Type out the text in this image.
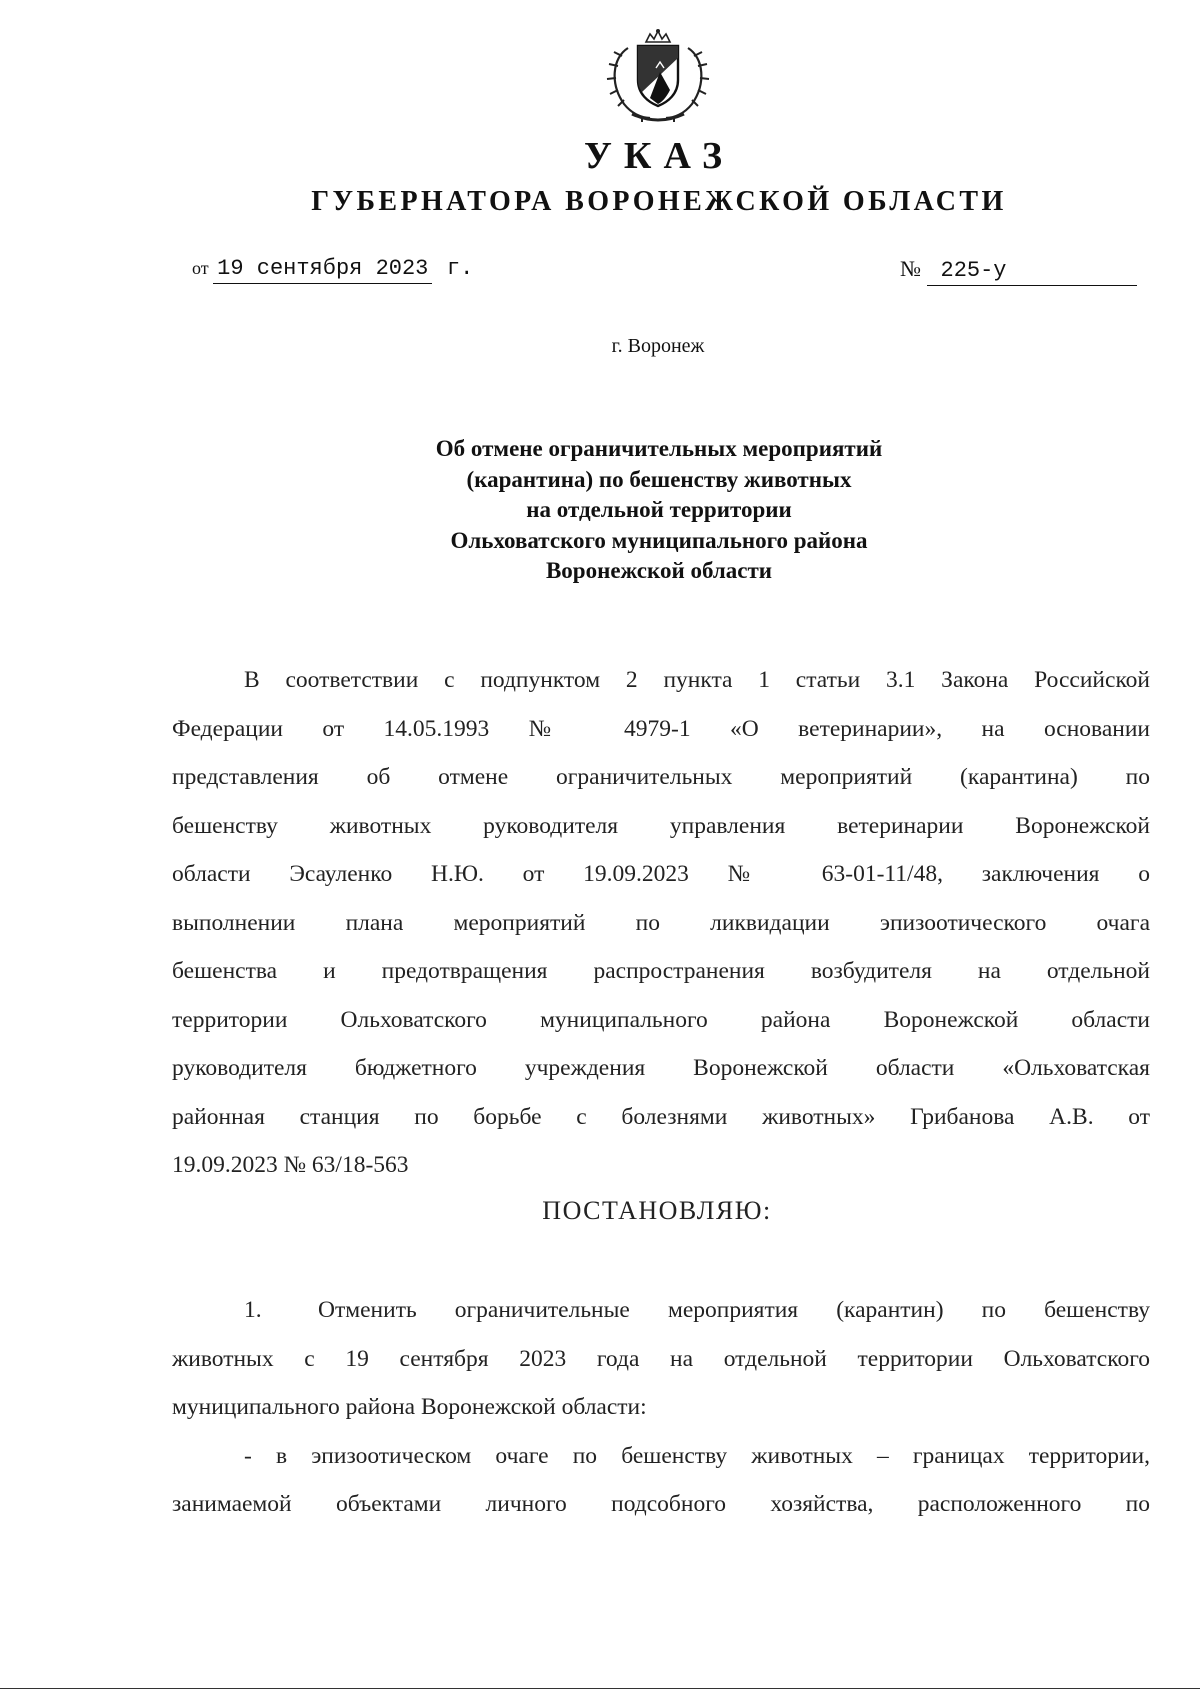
УКАЗ
ГУБЕРНАТОРА ВОРОНЕЖСКОЙ ОБЛАСТИ
от 19 сентября 2023 г.	№ 225-у
г. Воронеж
Об отмене ограничительных мероприятий
(карантина) по бешенству животных
на отдельной территории
Ольховатского муниципального района
Воронежской области
В соответствии с подпунктом 2 пункта 1 статьи 3.1 Закона Российской
Федерации от 14.05.1993 № 4979-1 «О ветеринарии», на основании
представления об отмене ограничительных мероприятий (карантина) по
бешенству животных руководителя управления ветеринарии Воронежской
области Эсауленко Н.Ю. от 19.09.2023 № 63-01-11/48, заключения о
выполнении плана мероприятий по ликвидации эпизоотического очага
бешенства и предотвращения распространения возбудителя на отдельной
территории Ольховатского муниципального района Воронежской области
руководителя бюджетного учреждения Воронежской области «Ольховатская
районная станция по борьбе с болезнями животных» Грибанова А.В. от
19.09.2023 № 63/18-563
ПОСТАНОВЛЯЮ:
1. Отменить ограничительные мероприятия (карантин) по бешенству
животных с 19 сентября 2023 года на отдельной территории Ольховатского
муниципального района Воронежской области:
- в эпизоотическом очаге по бешенству животных – границах территории,
занимаемой объектами личного подсобного хозяйства, расположенного по
